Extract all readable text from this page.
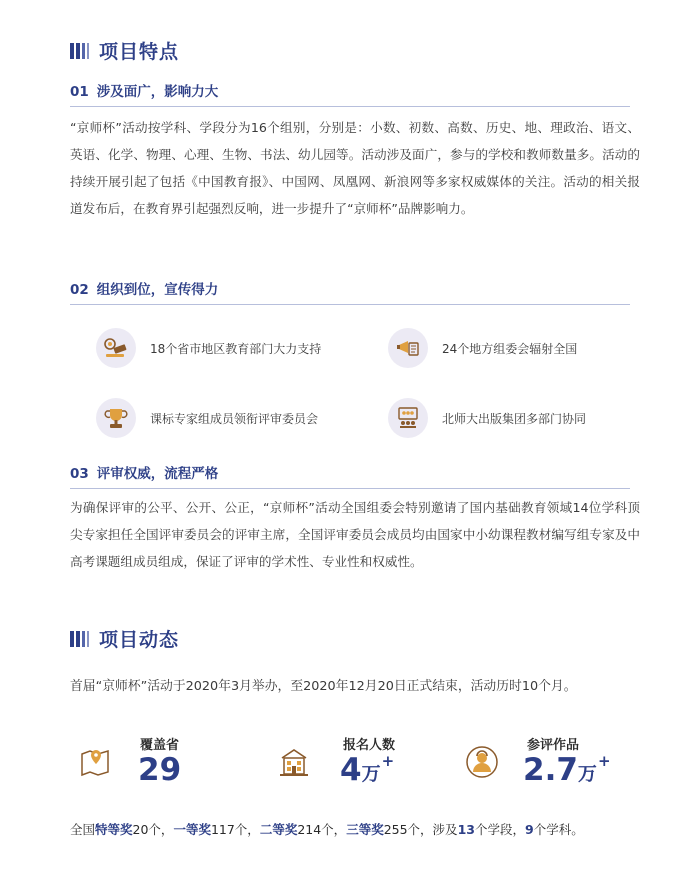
项目特点
01 涉及面广，影响力大
“京师杯”活动按学科、学段分为16个组别，分别是：小数、初数、高数、历史、地、理政治、语文、英语、化学、物理、心理、生物、书法、幼儿园等。活动涉及面广，参与的学校和教师数量多。活动的持续开展引起了包括《中国教育报》、中国网、凤凰网、新浪网等多家权威媒体的关注。活动的相关报道发布后，在教育界引起强烈反响，进一步提升了“京师杯”品牌影响力。
02 组织到位，宣传得力
18个省市地区教育部门大力支持	24个地方组委会辐射全国
课标专家组成员领衔评审委员会	北师大出版集团多部门协同
03 评审权威，流程严格
为确保评审的公平、公开、公正，“京师杯”活动全国组委会特别邀请了国内基础教育领域14位学科顶尖专家担任全国评审委员会的评审主席，全国评审委员会成员均由国家中小幼课程教材编写组专家及中高考课题组成员组成，保证了评审的学术性、专业性和权威性。
项目动态
首届“京师杯”活动于2020年3月举办，至2020年12月20日正式结束，活动历时10个月。
覆盖省
29
报名人数
4万+
参评作品
2.7万+
全国特等奖20个，一等奖117个，二等奖214个，三等奖255个，涉及13个学段，9个学科。
